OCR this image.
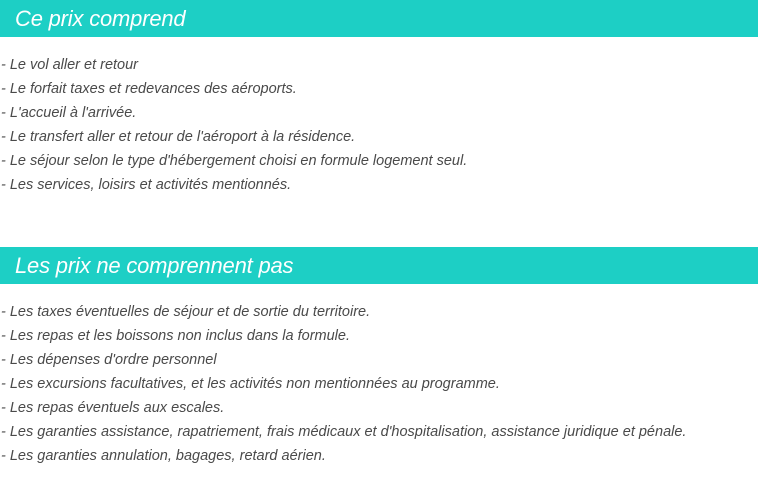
Ce prix comprend
- Le vol aller et retour
- Le forfait taxes et redevances des aéroports.
- L'accueil à l'arrivée.
- Le transfert aller et retour de l'aéroport à la résidence.
- Le séjour selon le type d'hébergement choisi en formule logement seul.
- Les services, loisirs et activités mentionnés.
Les prix ne comprennent pas
- Les taxes éventuelles de séjour et de sortie du territoire.
- Les repas et les boissons non inclus dans la formule.
- Les dépenses d'ordre personnel
- Les excursions facultatives, et les activités non mentionnées au programme.
- Les repas éventuels aux escales.
- Les garanties assistance, rapatriement, frais médicaux et d'hospitalisation, assistance juridique et pénale.
- Les garanties annulation, bagages, retard aérien.
